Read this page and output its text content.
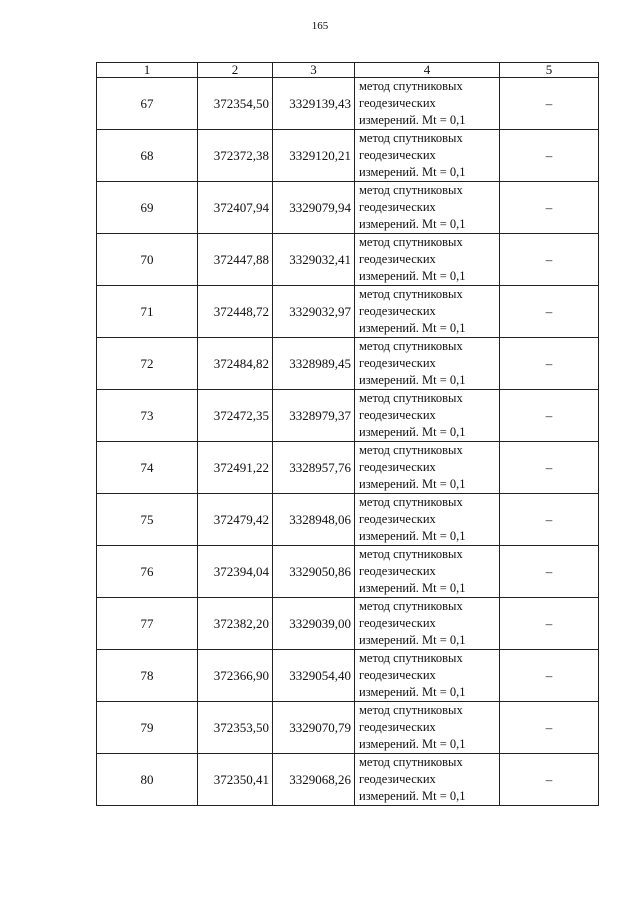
165
1	2	3	4	5
67	372354,50	3329139,43	метод спутниковых
геодезических
измерений. Mt = 0,1	–
68	372372,38	3329120,21	метод спутниковых
геодезических
измерений. Mt = 0,1	–
69	372407,94	3329079,94	метод спутниковых
геодезических
измерений. Mt = 0,1	–
70	372447,88	3329032,41	метод спутниковых
геодезических
измерений. Mt = 0,1	–
71	372448,72	3329032,97	метод спутниковых
геодезических
измерений. Mt = 0,1	–
72	372484,82	3328989,45	метод спутниковых
геодезических
измерений. Mt = 0,1	–
73	372472,35	3328979,37	метод спутниковых
геодезических
измерений. Mt = 0,1	–
74	372491,22	3328957,76	метод спутниковых
геодезических
измерений. Mt = 0,1	–
75	372479,42	3328948,06	метод спутниковых
геодезических
измерений. Mt = 0,1	–
76	372394,04	3329050,86	метод спутниковых
геодезических
измерений. Mt = 0,1	–
77	372382,20	3329039,00	метод спутниковых
геодезических
измерений. Mt = 0,1	–
78	372366,90	3329054,40	метод спутниковых
геодезических
измерений. Mt = 0,1	–
79	372353,50	3329070,79	метод спутниковых
геодезических
измерений. Mt = 0,1	–
80	372350,41	3329068,26	метод спутниковых
геодезических
измерений. Mt = 0,1	–
